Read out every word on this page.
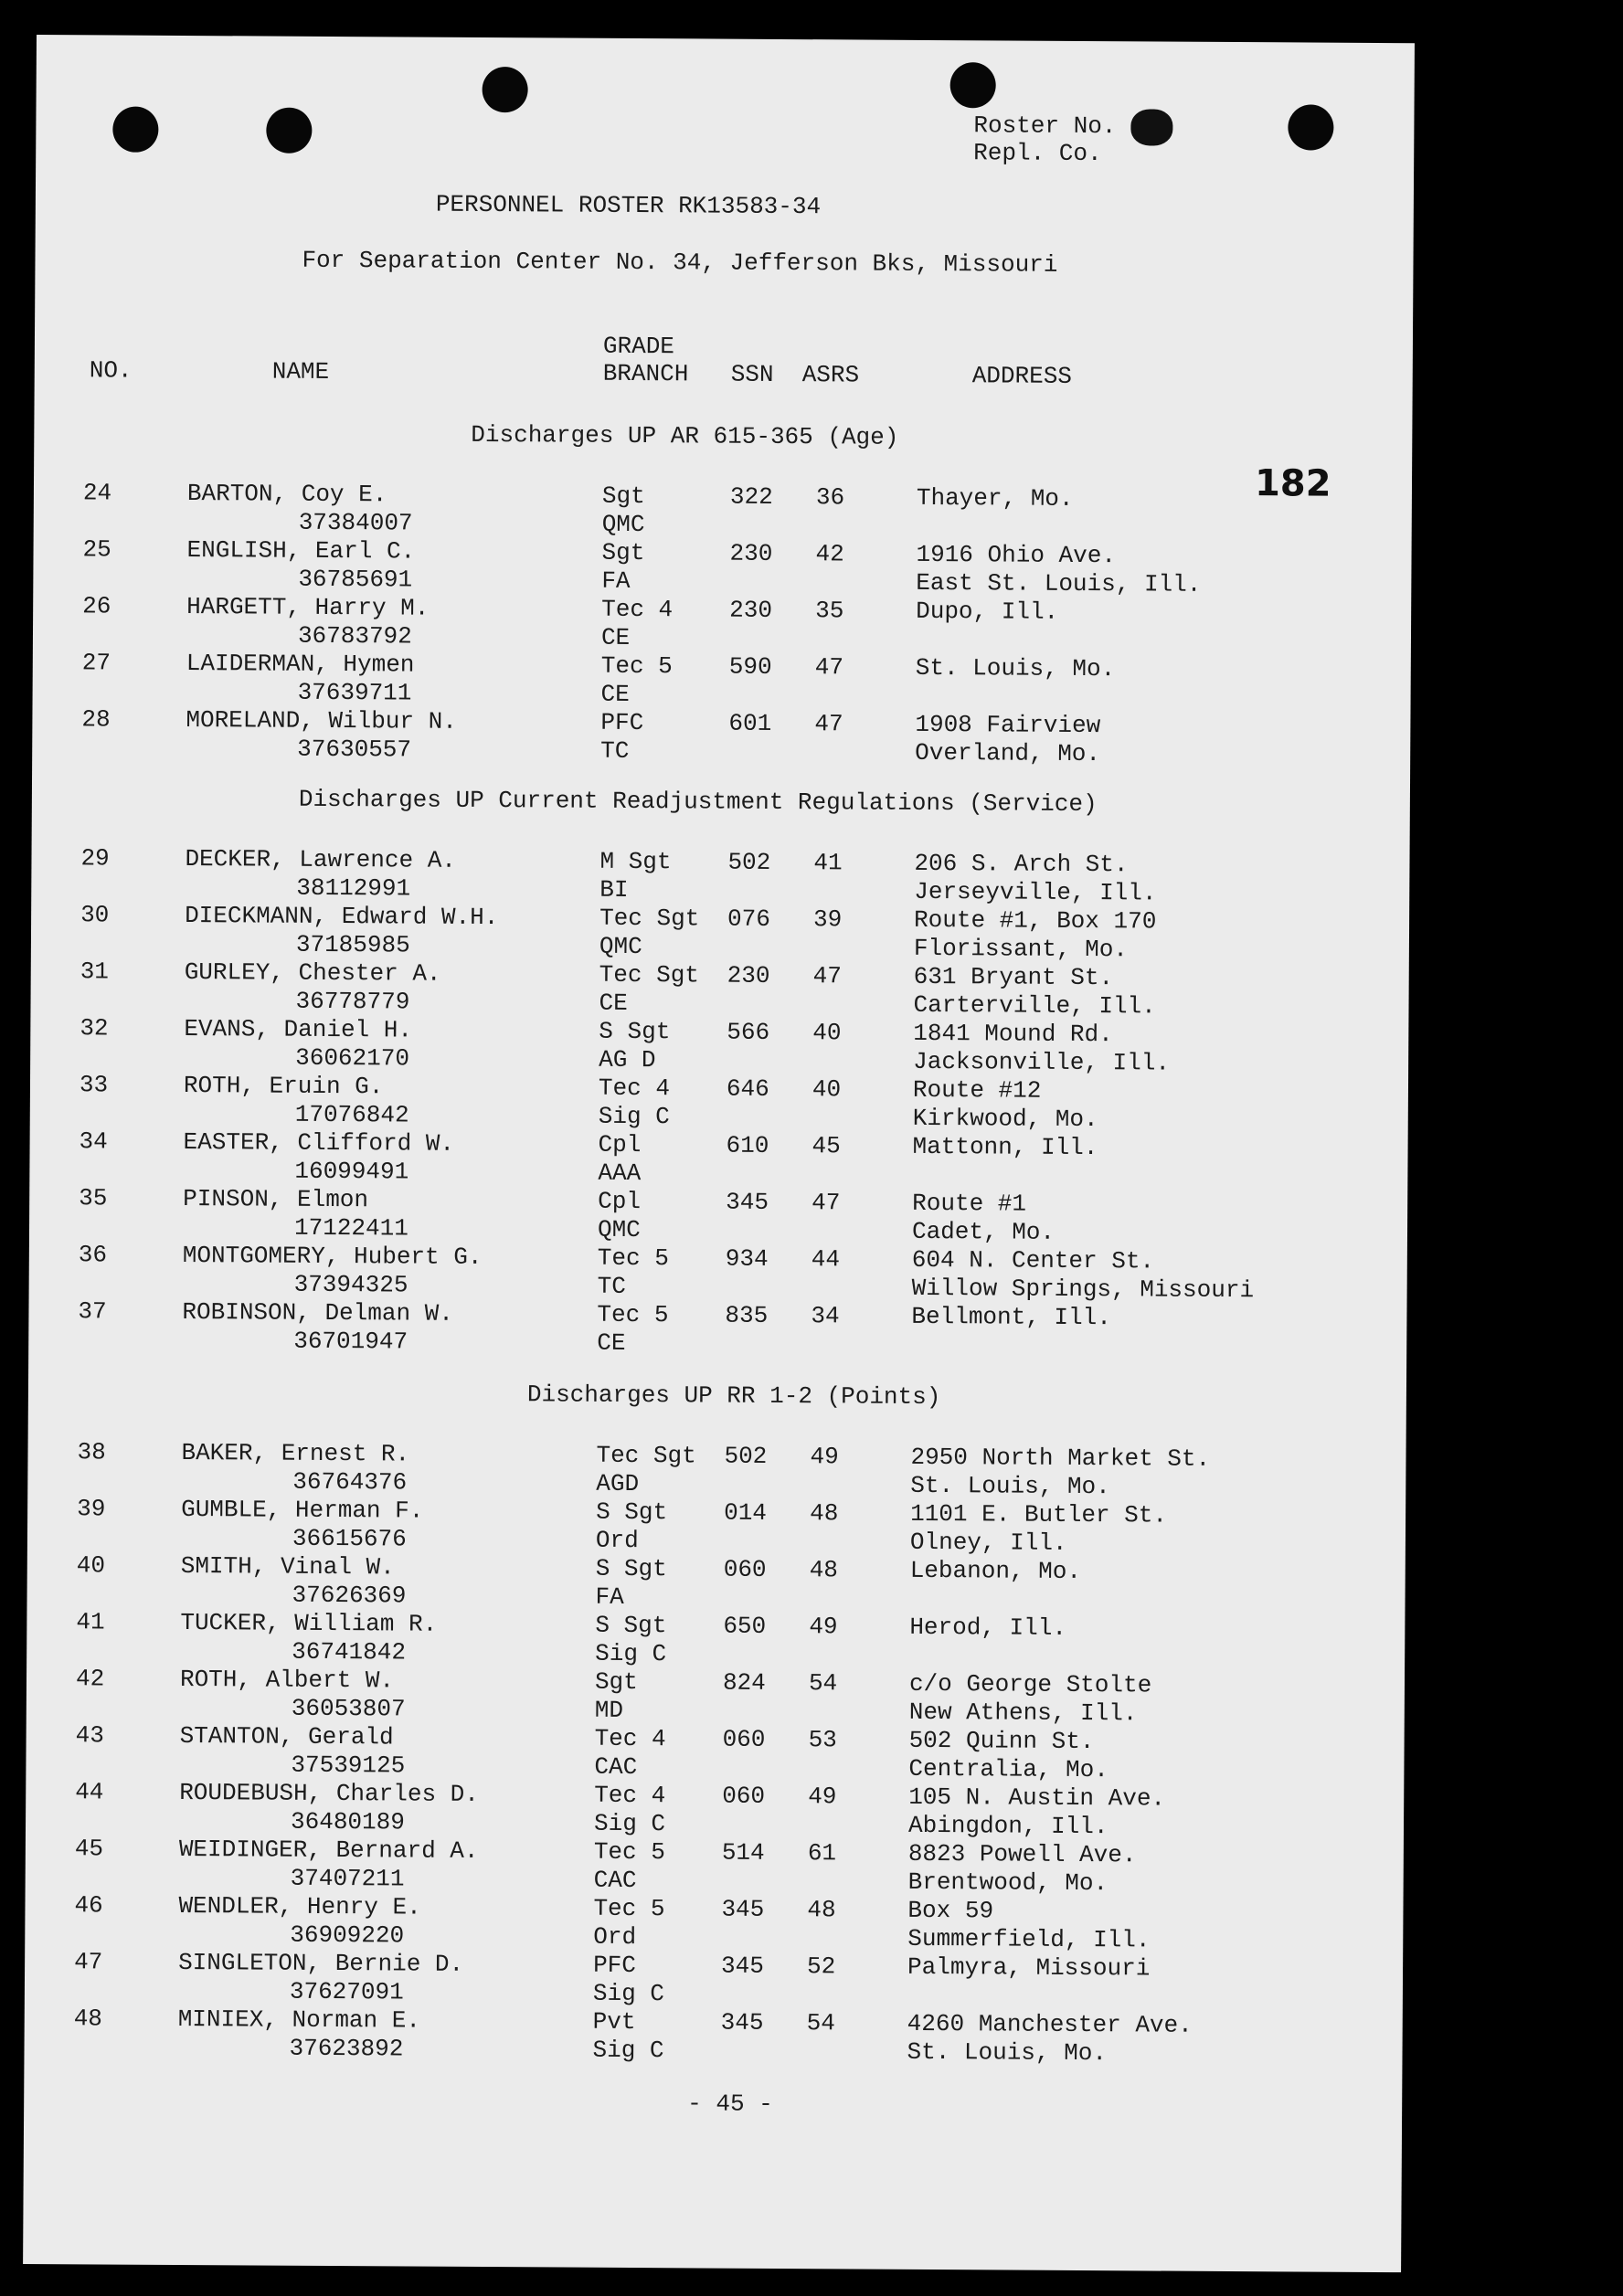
Roster No.
Repl. Co.
PERSONNEL ROSTER RK13583-34
For Separation Center No. 34, Jefferson Bks, Missouri
182
NO.	NAME
GRADE
BRANCH SSN ASRS	ADDRESS
Discharges UP AR 615-365 (Age)
24	BARTON, Coy E.	Sgt	322 36	Thayer, Mo.
37384007	QMC
25	ENGLISH, Earl C.	Sgt	230 42	1916 Ohio Ave.
36785691	FA	East St. Louis, Ill.
26	HARGETT, Harry M.	Tec 4 230 35	Dupo, Ill.
36783792	CE
27	LAIDERMAN, Hymen	Tec 5 590 47	St. Louis, Mo.
37639711	CE
28	MORELAND, Wilbur N.	PFC	601 47	1908 Fairview
37630557	TC	Overland, Mo.
Discharges UP Current Readjustment Regulations (Service)
29	DECKER, Lawrence A.	M Sgt 502 41	206 S. Arch St.
38112991	BI	Jerseyville, Ill.
30	DIECKMANN, Edward W.H.	Tec Sgt 076 39	Route #1, Box 170
37185985	QMC	Florissant, Mo.
31	GURLEY, Chester A.	Tec Sgt 230 47	631 Bryant St.
36778779	CE	Carterville, Ill.
32	EVANS, Daniel H.	S Sgt 566 40	1841 Mound Rd.
36062170	AG D	Jacksonville, Ill.
33	ROTH, Eruin G.	Tec 4 646 40	Route #12
17076842	Sig C	Kirkwood, Mo.
34	EASTER, Clifford W.	Cpl	610 45	Mattonn, Ill.
16099491	AAA
35	PINSON, Elmon	Cpl	345 47	Route #1
17122411	QMC	Cadet, Mo.
36	MONTGOMERY, Hubert G.	Tec 5 934 44	604 N. Center St.
37394325	TC	Willow Springs, Missouri
37	ROBINSON, Delman W.	Tec 5 835 34	Bellmont, Ill.
36701947	CE
Discharges UP RR 1-2 (Points)
38	BAKER, Ernest R.	Tec Sgt 502 49	2950 North Market St.
36764376	AGD	St. Louis, Mo.
39	GUMBLE, Herman F.	S Sgt 014 48	1101 E. Butler St.
36615676	Ord	Olney, Ill.
40	SMITH, Vinal W.	S Sgt 060 48	Lebanon, Mo.
37626369	FA
41	TUCKER, William R.	S Sgt 650 49	Herod, Ill.
36741842	Sig C
42	ROTH, Albert W.	Sgt	824 54	c/o George Stolte
36053807	MD	New Athens, Ill.
43	STANTON, Gerald	Tec 4 060 53	502 Quinn St.
37539125	CAC	Centralia, Mo.
44	ROUDEBUSH, Charles D.	Tec 4 060 49	105 N. Austin Ave.
36480189	Sig C	Abingdon, Ill.
45	WEIDINGER, Bernard A.	Tec 5 514 61	8823 Powell Ave.
37407211	CAC	Brentwood, Mo.
46	WENDLER, Henry E.	Tec 5 345 48	Box 59
36909220	Ord	Summerfield, Ill.
47	SINGLETON, Bernie D.	PFC	345 52	Palmyra, Missouri
37627091	Sig C
48	MINIEX, Norman E.	Pvt	345 54	4260 Manchester Ave.
37623892	Sig C	St. Louis, Mo.
- 45 -
